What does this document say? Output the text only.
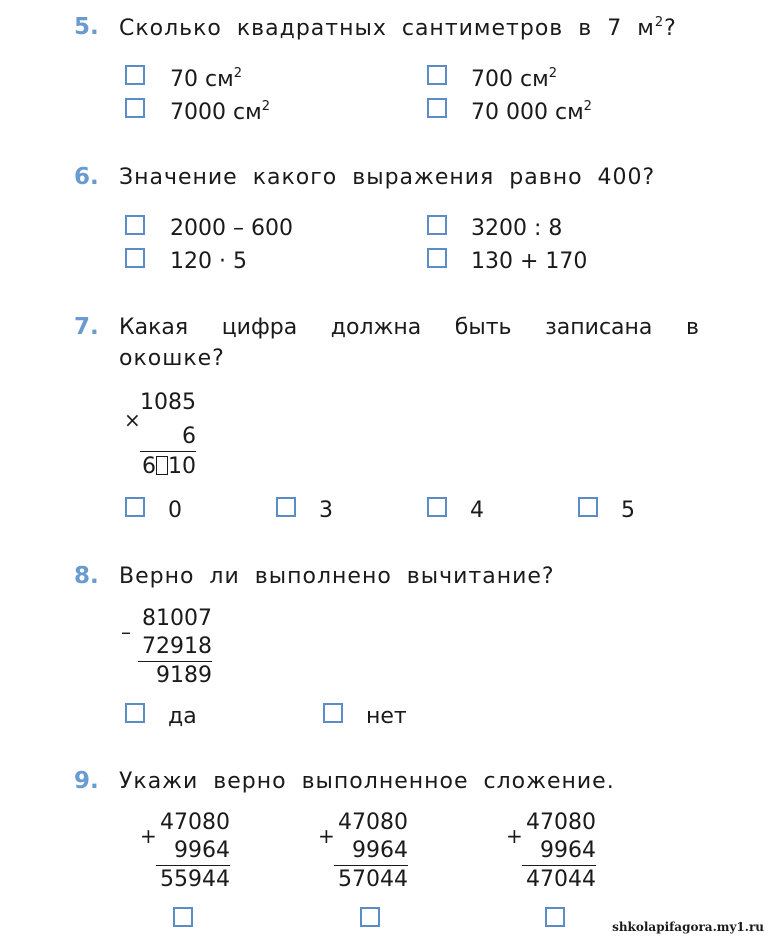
5. Сколько квадратных сантиметров в 7 $м^2$?
70 $см^2$	700 $см^2$
7000 $см^2$	70 000 $см^2$
6. Значение какого выражения равно 400?
2000 – 600	3200 : 8
120 · 5	130 + 170
7. Какая цифра должна быть записана в
окошке?
×
1085
6
6 10
0	3	4	5
8. Верно ли выполнено вычитание?
–
81007
72918
9189
да	нет
9. Укажи верно выполненное сложение.
+
47080
9964
55944
+
47080
9964
57044
+
47080
9964
47044
shkolapifagora.my1.ru
